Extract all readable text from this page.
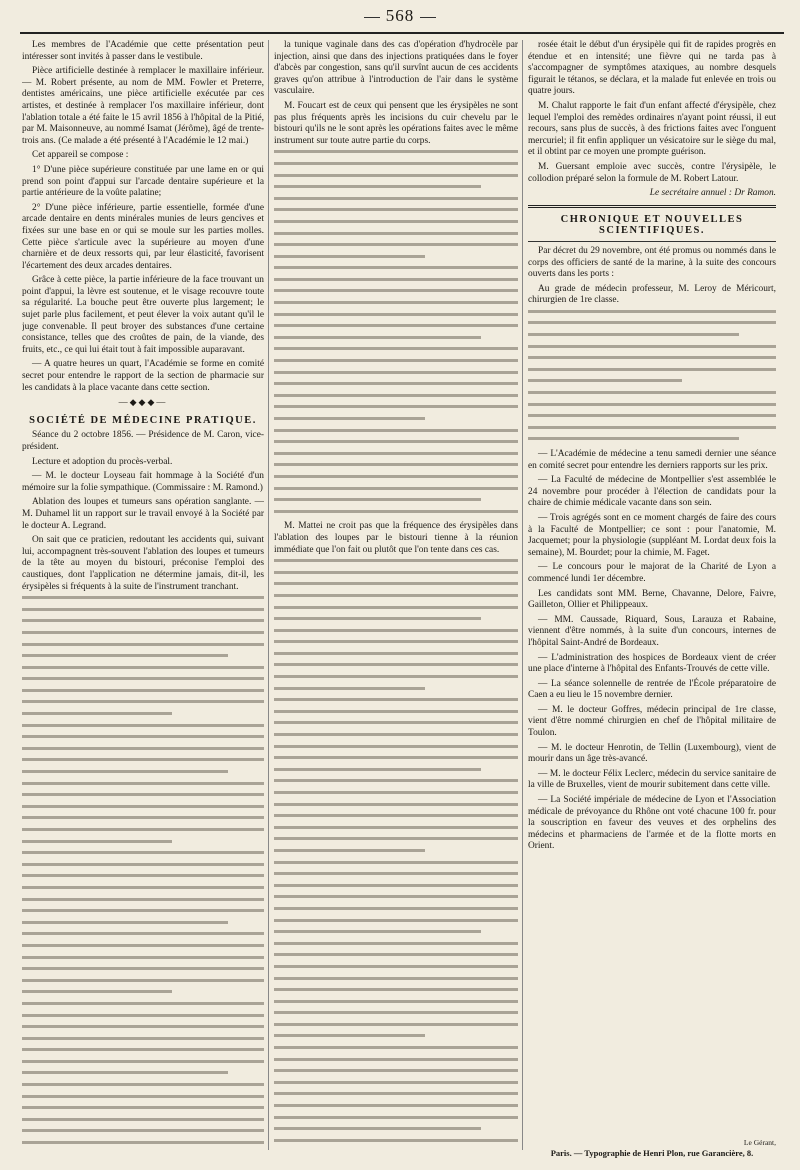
568

Les membres de l'Académie que cette présentation peut intéresser sont invités à passer dans le vestibule.

Pièce artificielle destinée à remplacer le maxillaire inférieur. — M. Robert présente, au nom de MM. Fowler et Preterre, dentistes américains, une pièce artificielle exécutée par ces artistes, et destinée à remplacer l'os maxillaire inférieur, dont l'ablation totale a été faite le 15 avril 1856 à l'hôpital de la Pitié, par M. Maisonneuve, au nommé Isamat (Jérôme), âgé de trente-trois ans. (Ce malade a été présenté à l'Académie le 12 mai.)

Cet appareil se compose :

1° D'une pièce supérieure constituée par une lame en or qui prend son point d'appui sur l'arcade dentaire supérieure et la partie antérieure de la voûte palatine;

2° D'une pièce inférieure, partie essentielle, formée d'une arcade dentaire en dents minérales munies de leurs gencives et fixées sur une base en or qui se moule sur les parties molles. Cette pièce s'articule avec la supérieure au moyen d'une charnière et de deux ressorts qui, par leur élasticité, favorisent l'écartement des deux arcades dentaires.

Grâce à cette pièce, la partie inférieure de la face trouvant un point d'appui, la lèvre est soutenue, et le visage recouvre toute sa régularité. La bouche peut être ouverte plus largement; le sujet parle plus facilement, et peut élever la voix autant qu'il le juge convenable. Il peut broyer des substances d'une certaine consistance, telles que des croûtes de pain, de la viande, des fruits, etc., ce qui lui était tout à fait impossible auparavant.

— A quatre heures un quart, l'Académie se forme en comité secret pour entendre le rapport de la section de pharmacie sur les candidats à la place vacante dans cette section.

—◆◆◆—
SOCIÉTÉ DE MÉDECINE PRATIQUE.

Séance du 2 octobre 1856. — Présidence de M. Caron, vice-président.

Lecture et adoption du procès-verbal.

— M. le docteur Loyseau fait hommage à la Société d'un mémoire sur la folie sympathique. (Commissaire : M. Ramond.)

Ablation des loupes et tumeurs sans opération sanglante. — M. Duhamel lit un rapport sur le travail envoyé à la Société par le docteur A. Legrand.

On sait que ce praticien, redoutant les accidents qui, suivant lui, accompagnent très-souvent l'ablation des loupes et tumeurs de la tête au moyen du bistouri, préconise l'emploi des caustiques, dont l'application ne détermine jamais, dit-il, les érysipèles si fréquents à la suite de l'instrument tranchant.

la tunique vaginale dans des cas d'opération d'hydrocèle par injection, ainsi que dans des injections pratiquées dans le foyer d'abcès par congestion, sans qu'il survînt aucun de ces accidents graves qu'on attribue à l'introduction de l'air dans le système vasculaire.

M. Foucart est de ceux qui pensent que les érysipèles ne sont pas plus fréquents après les incisions du cuir chevelu par le bistouri qu'ils ne le sont après les opérations faites avec le même instrument sur toute autre partie du corps.

M. Mattei ne croit pas que la fréquence des érysipèles dans l'ablation des loupes par le bistouri tienne à la réunion immédiate que l'on fait ou plutôt que l'on tente dans ces cas.

rosée était le début d'un érysipèle qui fit de rapides progrès en étendue et en intensité; une fièvre qui ne tarda pas à s'accompagner de symptômes ataxiques, au nombre desquels figurait le tétanos, se déclara, et la malade fut enlevée en trois ou quatre jours.

M. Chalut rapporte le fait d'un enfant affecté d'érysipèle, chez lequel l'emploi des remèdes ordinaires n'ayant point réussi, il eut recours, sans plus de succès, à des frictions faites avec l'onguent mercuriel; il fit enfin appliquer un vésicatoire sur le siège du mal, et il obtint par ce moyen une prompte guérison.

M. Guersant emploie avec succès, contre l'érysipèle, le collodion préparé selon la formule de M. Robert Latour.

Le secrétaire annuel : Dr Ramon.

CHRONIQUE ET NOUVELLES SCIENTIFIQUES.

Par décret du 29 novembre, ont été promus ou nommés dans le corps des officiers de santé de la marine, à la suite des concours ouverts dans les ports :

Au grade de médecin professeur, M. Leroy de Méricourt, chirurgien de 1re classe.

— L'Académie de médecine a tenu samedi dernier une séance en comité secret pour entendre les derniers rapports sur les prix.

— La Faculté de médecine de Montpellier s'est assemblée le 24 novembre pour procéder à l'élection de candidats pour la chaire de chimie médicale vacante dans son sein.

— Trois agrégés sont en ce moment chargés de faire des cours à la Faculté de Montpellier; ce sont : pour l'anatomie, M. Jacquemet; pour la physiologie (suppléant M. Lordat deux fois la semaine), M. Bourdet; pour la chimie, M. Faget.

— Le concours pour le majorat de la Charité de Lyon a commencé lundi 1er décembre.

Les candidats sont MM. Berne, Chavanne, Delore, Faivre, Gailleton, Ollier et Philippeaux.

— MM. Caussade, Riquard, Sous, Larauza et Rabaine, viennent d'être nommés, à la suite d'un concours, internes de l'hôpital Saint-André de Bordeaux.

— L'administration des hospices de Bordeaux vient de créer une place d'interne à l'hôpital des Enfants-Trouvés de cette ville.

— La séance solennelle de rentrée de l'École préparatoire de Caen a eu lieu le 15 novembre dernier.

— M. le docteur Goffres, médecin principal de 1re classe, vient d'être nommé chirurgien en chef de l'hôpital militaire de Toulon.

— M. le docteur Henrotin, de Tellin (Luxembourg), vient de mourir dans un âge très-avancé.

— M. le docteur Félix Leclerc, médecin du service sanitaire de la ville de Bruxelles, vient de mourir subitement dans cette ville.

— La Société impériale de médecine de Lyon et l'Association médicale de prévoyance du Rhône ont voté chacune 100 fr. pour la souscription en faveur des veuves et des orphelins des médecins et pharmaciens de l'armée et de la flotte morts en Orient.

Le Gérant,
Paris. — Typographie de Henri Plon, rue Garancière, 8.
